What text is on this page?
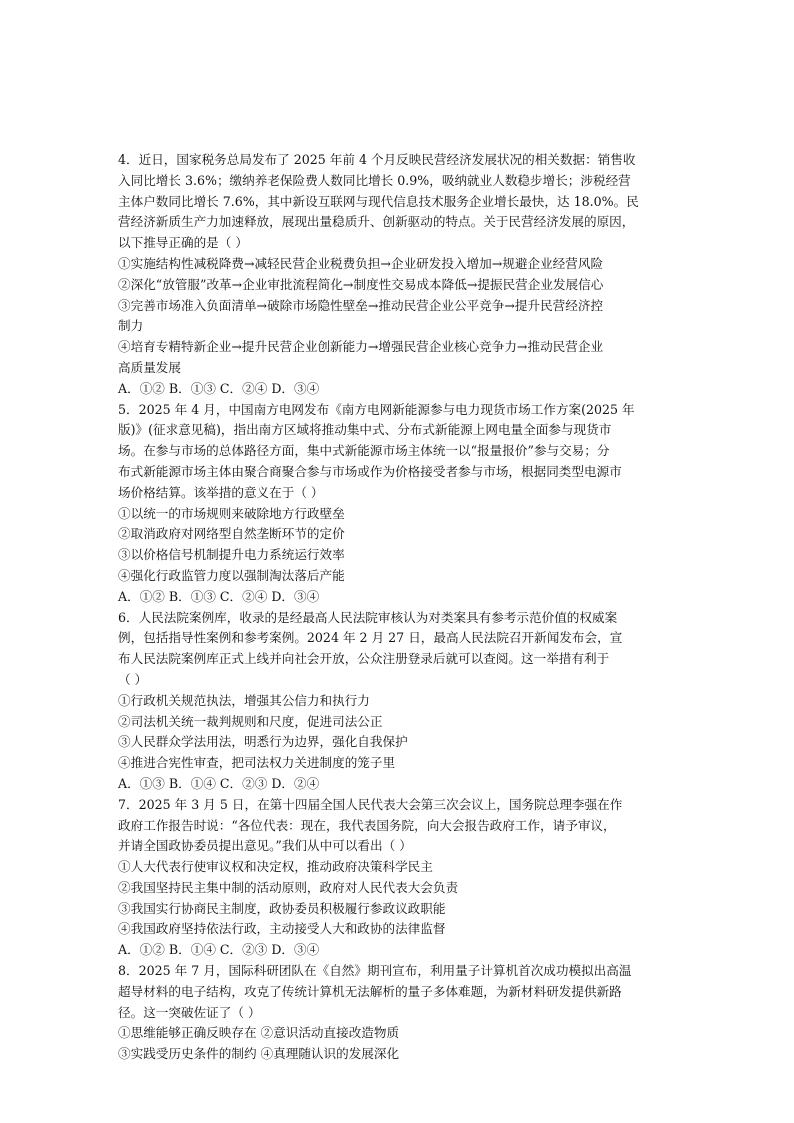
4．近日，国家税务总局发布了 2025 年前 4 个月反映民营经济发展状况的相关数据：销售收
入同比增长 3.6%；缴纳养老保险费人数同比增长 0.9%，吸纳就业人数稳步增长；涉税经营
主体户数同比增长 7.6%，其中新设互联网与现代信息技术服务企业增长最快，达 18.0%。民
营经济新质生产力加速释放，展现出量稳质升、创新驱动的特点。关于民营经济发展的原因，
以下推导正确的是（ ）
①实施结构性减税降费→减轻民营企业税费负担→企业研发投入增加→规避企业经营风险
②深化“放管服”改革→企业审批流程简化→制度性交易成本降低→提振民营企业发展信心
③完善市场准入负面清单→破除市场隐性壁垒→推动民营企业公平竞争→提升民营经济控
制力
④培育专精特新企业→提升民营企业创新能力→增强民营企业核心竞争力→推动民营企业
高质量发展
A．①② B．①③ C．②④ D．③④
5．2025 年 4 月，中国南方电网发布《南方电网新能源参与电力现货市场工作方案(2025 年
版)》(征求意见稿)，指出南方区域将推动集中式、分布式新能源上网电量全面参与现货市
场。在参与市场的总体路径方面，集中式新能源市场主体统一以“报量报价”参与交易；分
布式新能源市场主体由聚合商聚合参与市场或作为价格接受者参与市场，根据同类型电源市
场价格结算。该举措的意义在于（ ）
①以统一的市场规则来破除地方行政壁垒
②取消政府对网络型自然垄断环节的定价
③以价格信号机制提升电力系统运行效率
④强化行政监管力度以强制淘汰落后产能
A．①② B．①③ C．②④ D．③④
6．人民法院案例库，收录的是经最高人民法院审核认为对类案具有参考示范价值的权威案
例，包括指导性案例和参考案例。2024 年 2 月 27 日，最高人民法院召开新闻发布会，宣
布人民法院案例库正式上线并向社会开放，公众注册登录后就可以查阅。这一举措有利于
（ ）
①行政机关规范执法，增强其公信力和执行力
②司法机关统一裁判规则和尺度，促进司法公正
③人民群众学法用法，明悉行为边界，强化自我保护
④推进合宪性审查，把司法权力关进制度的笼子里
A．①③ B．①④ C．②③ D．②④
7．2025 年 3 月 5 日，在第十四届全国人民代表大会第三次会议上，国务院总理李强在作
政府工作报告时说：“各位代表：现在，我代表国务院，向大会报告政府工作，请予审议，
并请全国政协委员提出意见。”我们从中可以看出（ ）
①人大代表行使审议权和决定权，推动政府决策科学民主
②我国坚持民主集中制的活动原则，政府对人民代表大会负责
③我国实行协商民主制度，政协委员积极履行参政议政职能
④我国政府坚持依法行政，主动接受人大和政协的法律监督
A．①② B．①④ C．②③ D．③④
8．2025 年 7 月，国际科研团队在《自然》期刊宣布，利用量子计算机首次成功模拟出高温
超导材料的电子结构，攻克了传统计算机无法解析的量子多体难题，为新材料研发提供新路
径。这一突破佐证了（ ）
①思维能够正确反映存在 ②意识活动直接改造物质
③实践受历史条件的制约 ④真理随认识的发展深化
